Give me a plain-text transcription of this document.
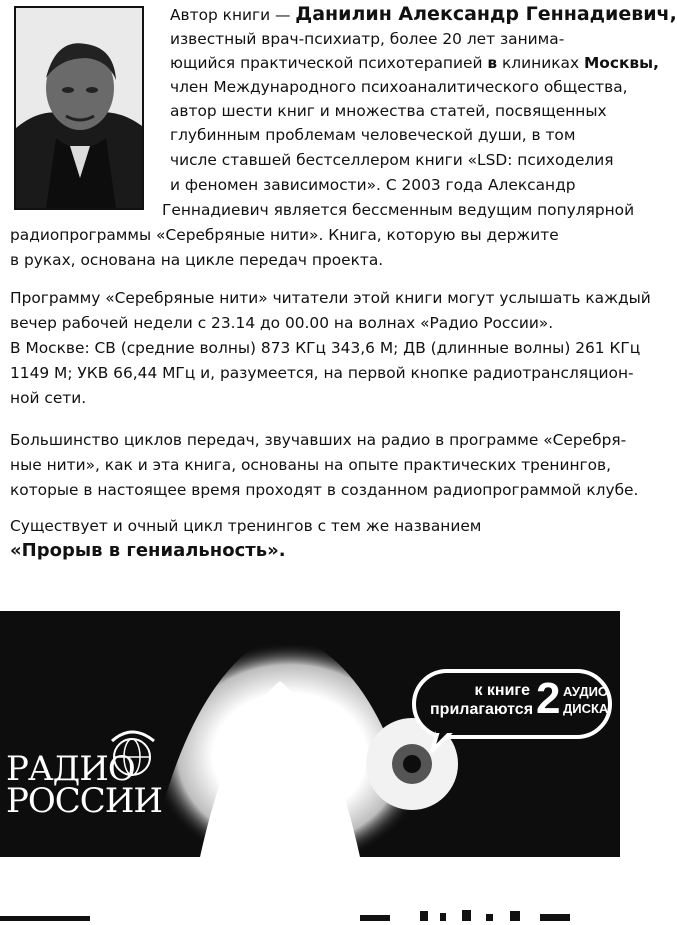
Автор книги — Данилин Александр Геннадиевич,
известный врач-психиатр, более 20 лет занима-
ющийся практической психотерапией в клиниках Москвы,
член Международного психоаналитического общества,
автор шести книг и множества статей, посвященных
глубинным проблемам человеческой души, в том
числе ставшей бестселлером книги «LSD: психоделия
и феномен зависимости». С 2003 года Александр
Геннадиевич является бессменным ведущим популярной
радиопрограммы «Серебряные нити». Книга, которую вы держите
в руках, основана на цикле передач проекта.
Программу «Серебряные нити» читатели этой книги могут услышать каждый
вечер рабочей недели с 23.14 до 00.00 на волнах «Радио России».
В Москве: СВ (средние волны) 873 КГц 343,6 М; ДВ (длинные волны) 261 КГц
1149 М; УКВ 66,44 МГц и, разумеется, на первой кнопке радиотрансляцион-
ной сети.
Большинство циклов передач, звучавших на радио в программе «Серебря-
ные нити», как и эта книга, основаны на опыте практических тренингов,
которые в настоящее время проходят в созданном радиопрограммой клубе.
Существует и очный цикл тренингов с тем же названием
«Прорыв в гениальность».
РАДИО
РОССИИ
к книге
прилагаются 2 АУДИО
ДИСКА
